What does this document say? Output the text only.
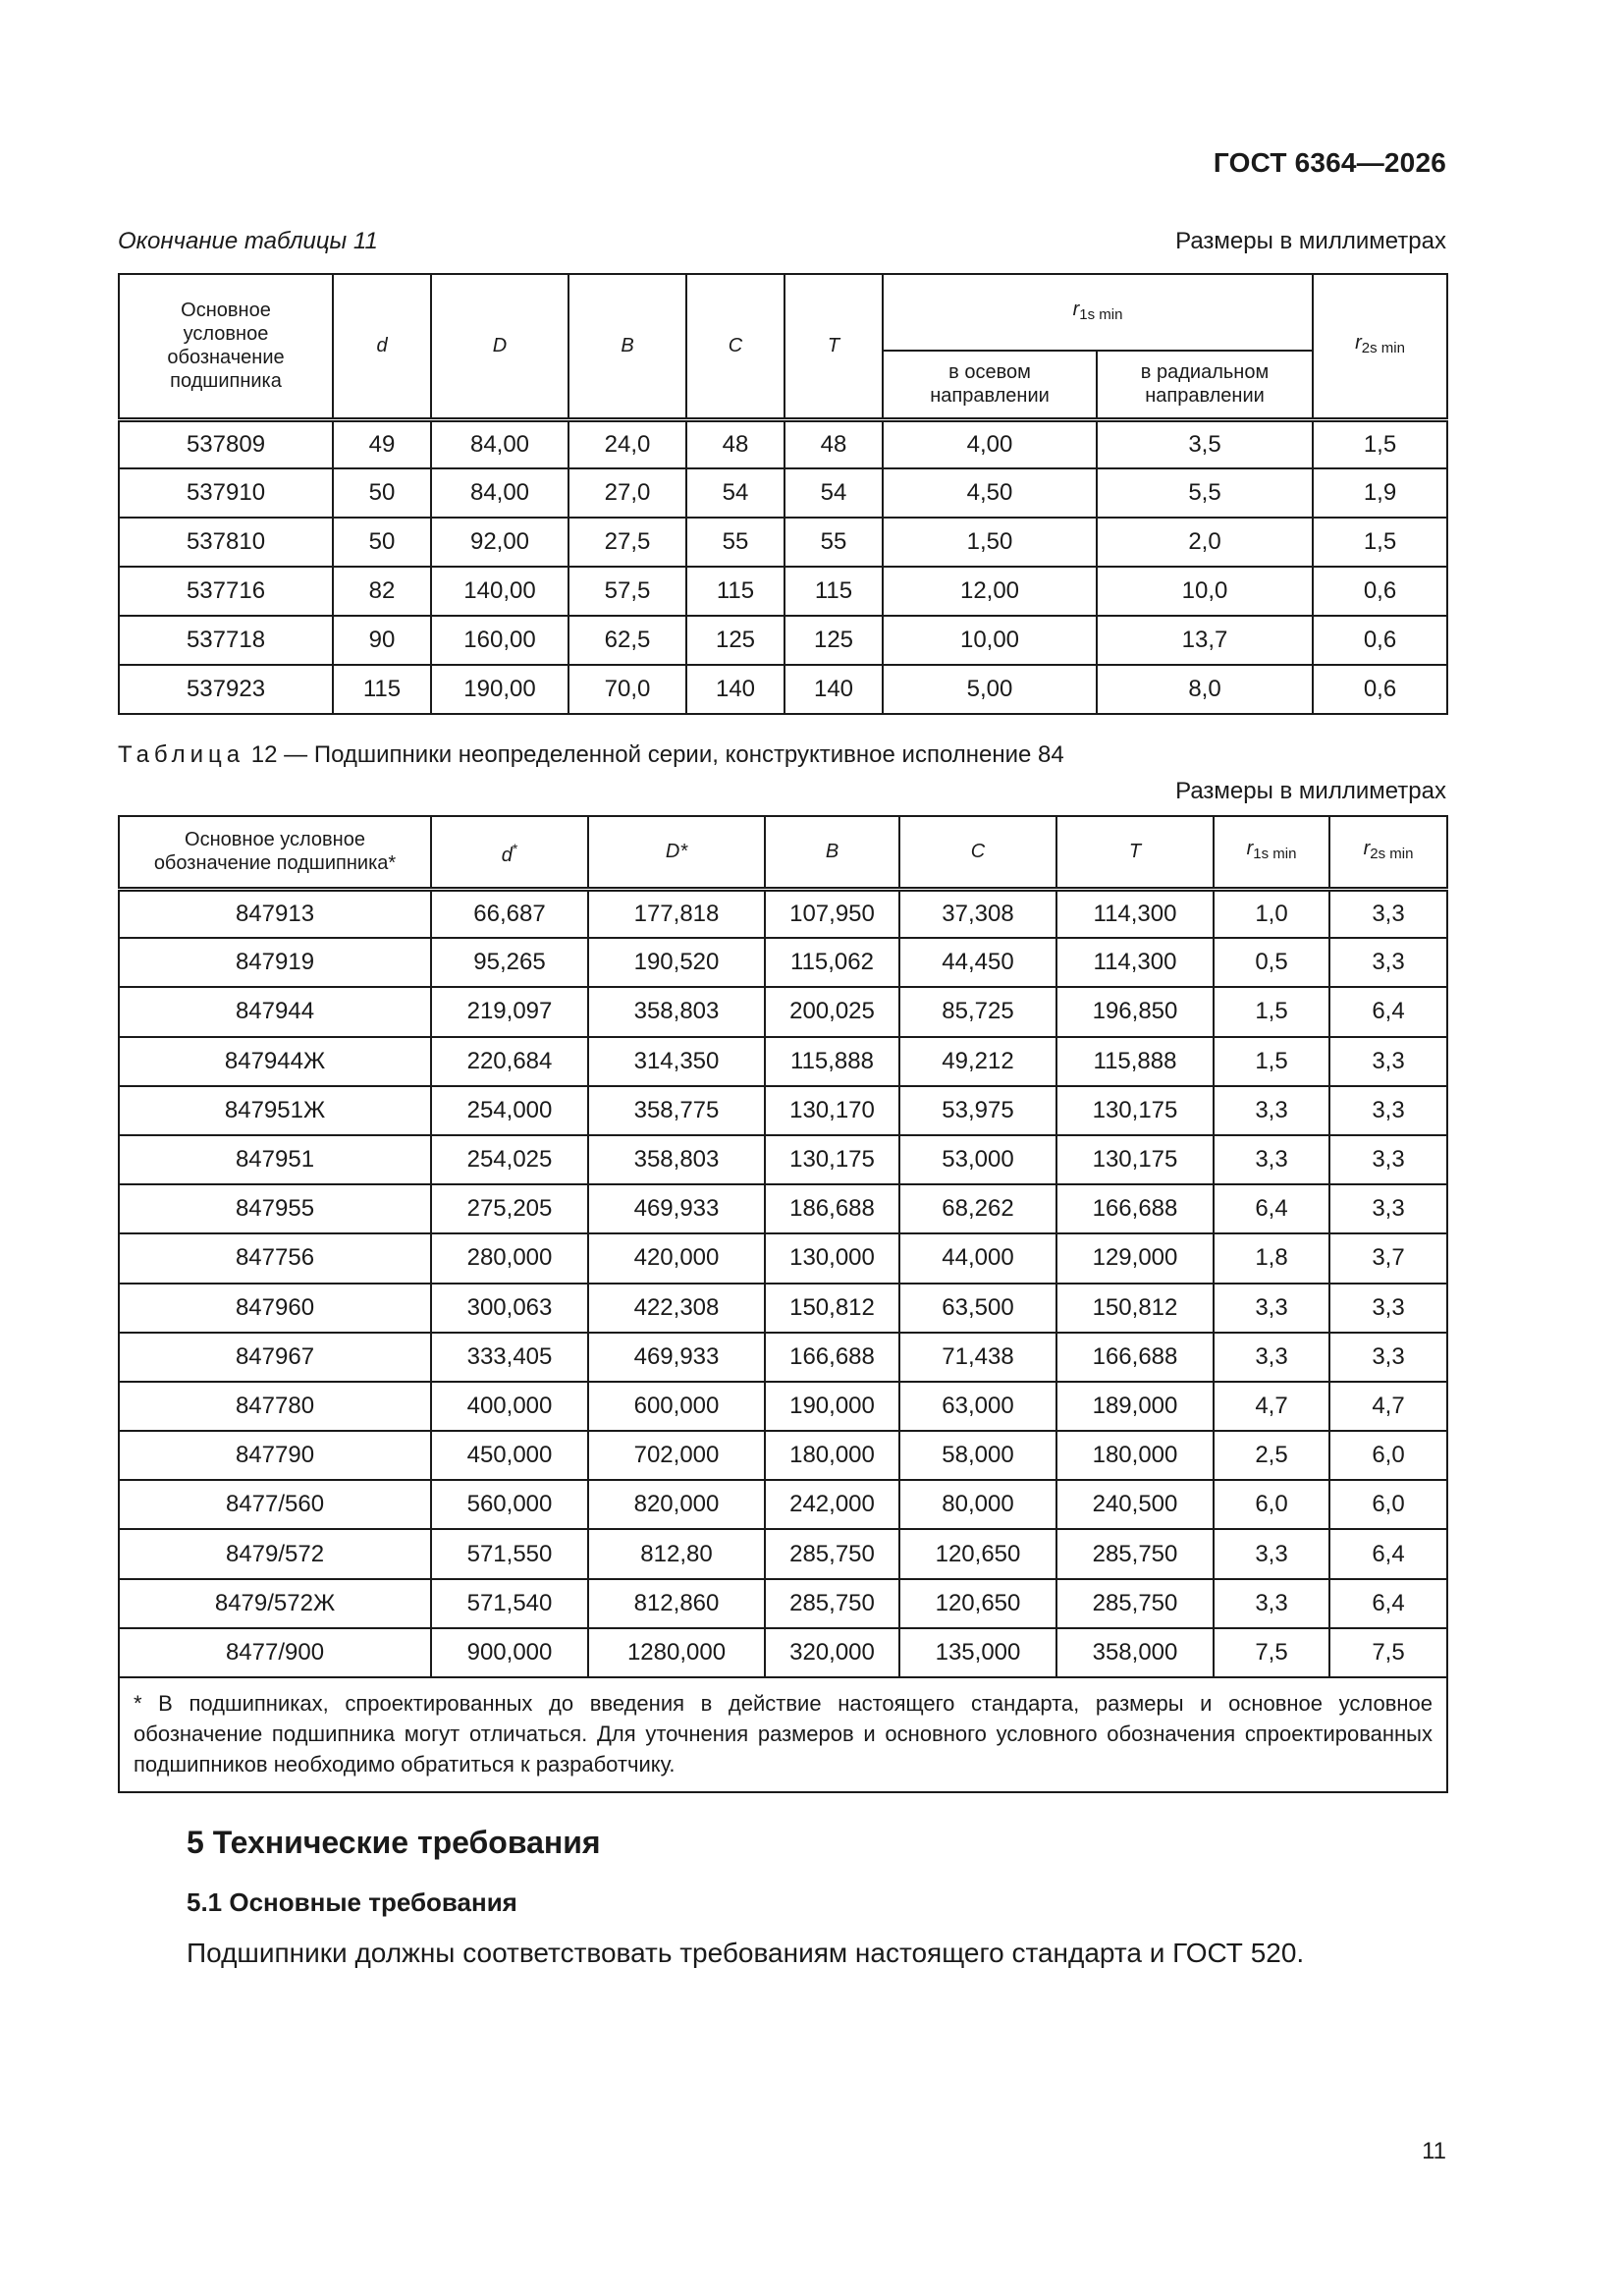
ГОСТ 6364—2026
Окончание таблицы 11	Размеры в миллиметрах
Основное условное обозначение подшипника	d	D	B	C	T	$r_{1s min}$		$r_{2s min}$
						в осевом направлении	в радиальном направлении	
537809	49	84,00	24,0	48	48	4,00	3,5	1,5
537910	50	84,00	27,0	54	54	4,50	5,5	1,9
537810	50	92,00	27,5	55	55	1,50	2,0	1,5
537716	82	140,00	57,5	115	115	12,00	10,0	0,6
537718	90	160,00	62,5	125	125	10,00	13,7	0,6
537923	115	190,00	70,0	140	140	5,00	8,0	0,6
Таблица 12 — Подшипники неопределенной серии, конструктивное исполнение 84
Размеры в миллиметрах
Основное условное обозначение подшипника*	d*	D*	B	C	T	$r_{1s min}$	$r_{2s min}$
847913	66,687	177,818	107,950	37,308	114,300	1,0	3,3
847919	95,265	190,520	115,062	44,450	114,300	0,5	3,3
847944	219,097	358,803	200,025	85,725	196,850	1,5	6,4
847944Ж	220,684	314,350	115,888	49,212	115,888	1,5	3,3
847951Ж	254,000	358,775	130,170	53,975	130,175	3,3	3,3
847951	254,025	358,803	130,175	53,000	130,175	3,3	3,3
847955	275,205	469,933	186,688	68,262	166,688	6,4	3,3
847756	280,000	420,000	130,000	44,000	129,000	1,8	3,7
847960	300,063	422,308	150,812	63,500	150,812	3,3	3,3
847967	333,405	469,933	166,688	71,438	166,688	3,3	3,3
847780	400,000	600,000	190,000	63,000	189,000	4,7	4,7
847790	450,000	702,000	180,000	58,000	180,000	2,5	6,0
8477/560	560,000	820,000	242,000	80,000	240,500	6,0	6,0
8479/572	571,550	812,80	285,750	120,650	285,750	3,3	6,4
8479/572Ж	571,540	812,860	285,750	120,650	285,750	3,3	6,4
8477/900	900,000	1280,000	320,000	135,000	358,000	7,5	7,5
* В подшипниках, спроектированных до введения в действие настоящего стандарта, размеры и основное условное обозначение подшипника могут отличаться. Для уточнения размеров и основного условного обозначения спроектированных подшипников необходимо обратиться к разработчику.							
5 Технические требования
5.1 Основные требования
Подшипники должны соответствовать требованиям настоящего стандарта и ГОСТ 520.
11
